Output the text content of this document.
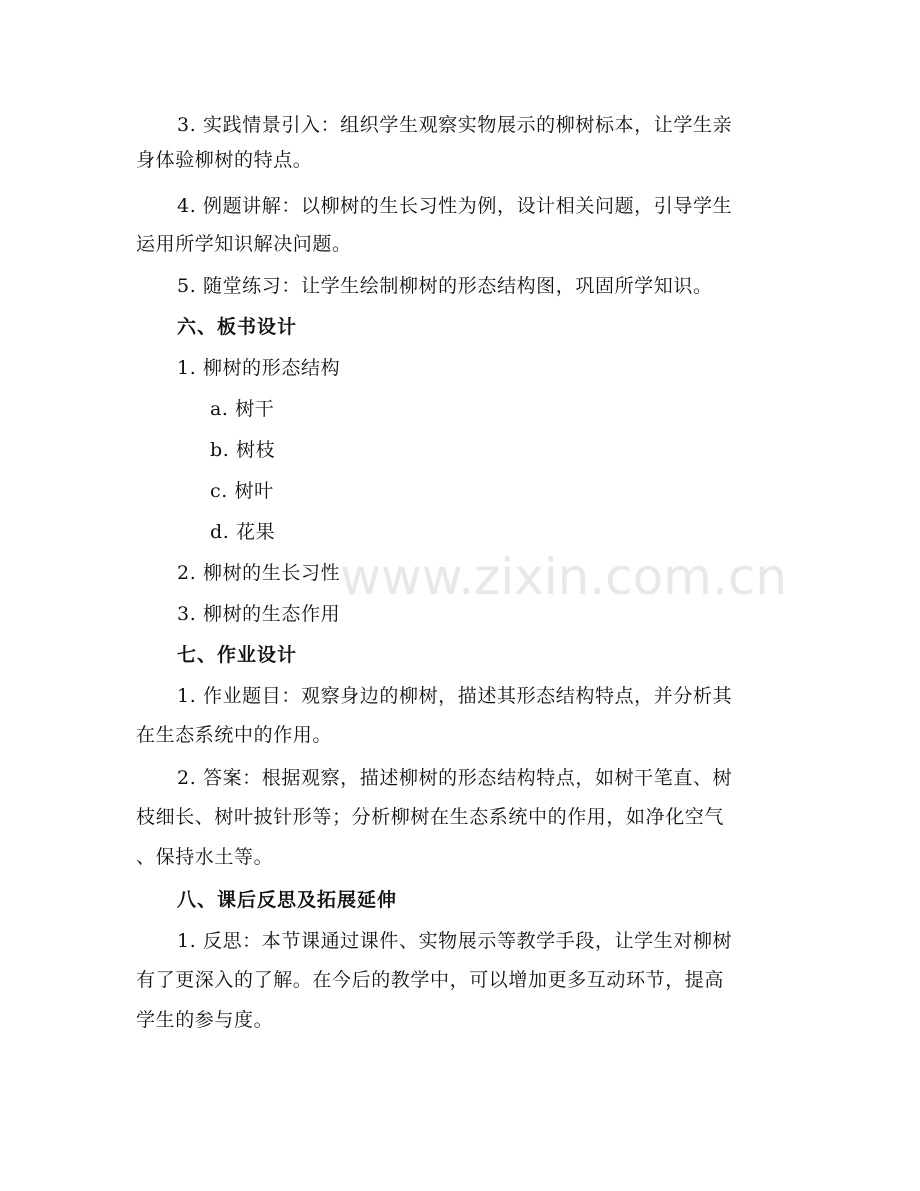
3. 实践情景引入：组织学生观察实物展示的柳树标本，让学生亲
身体验柳树的特点。
4. 例题讲解：以柳树的生长习性为例，设计相关问题，引导学生
运用所学知识解决问题。
5. 随堂练习：让学生绘制柳树的形态结构图，巩固所学知识。
六、板书设计
1. 柳树的形态结构
a. 树干
b. 树枝
c. 树叶
d. 花果
2. 柳树的生长习性
3. 柳树的生态作用
七、作业设计
1. 作业题目：观察身边的柳树，描述其形态结构特点，并分析其
在生态系统中的作用。
2. 答案：根据观察，描述柳树的形态结构特点，如树干笔直、树
枝细长、树叶披针形等；分析柳树在生态系统中的作用，如净化空气
、保持水土等。
八、课后反思及拓展延伸
1. 反思：本节课通过课件、实物展示等教学手段，让学生对柳树
有了更深入的了解。在今后的教学中，可以增加更多互动环节，提高
学生的参与度。
www.zixin.com.cn
